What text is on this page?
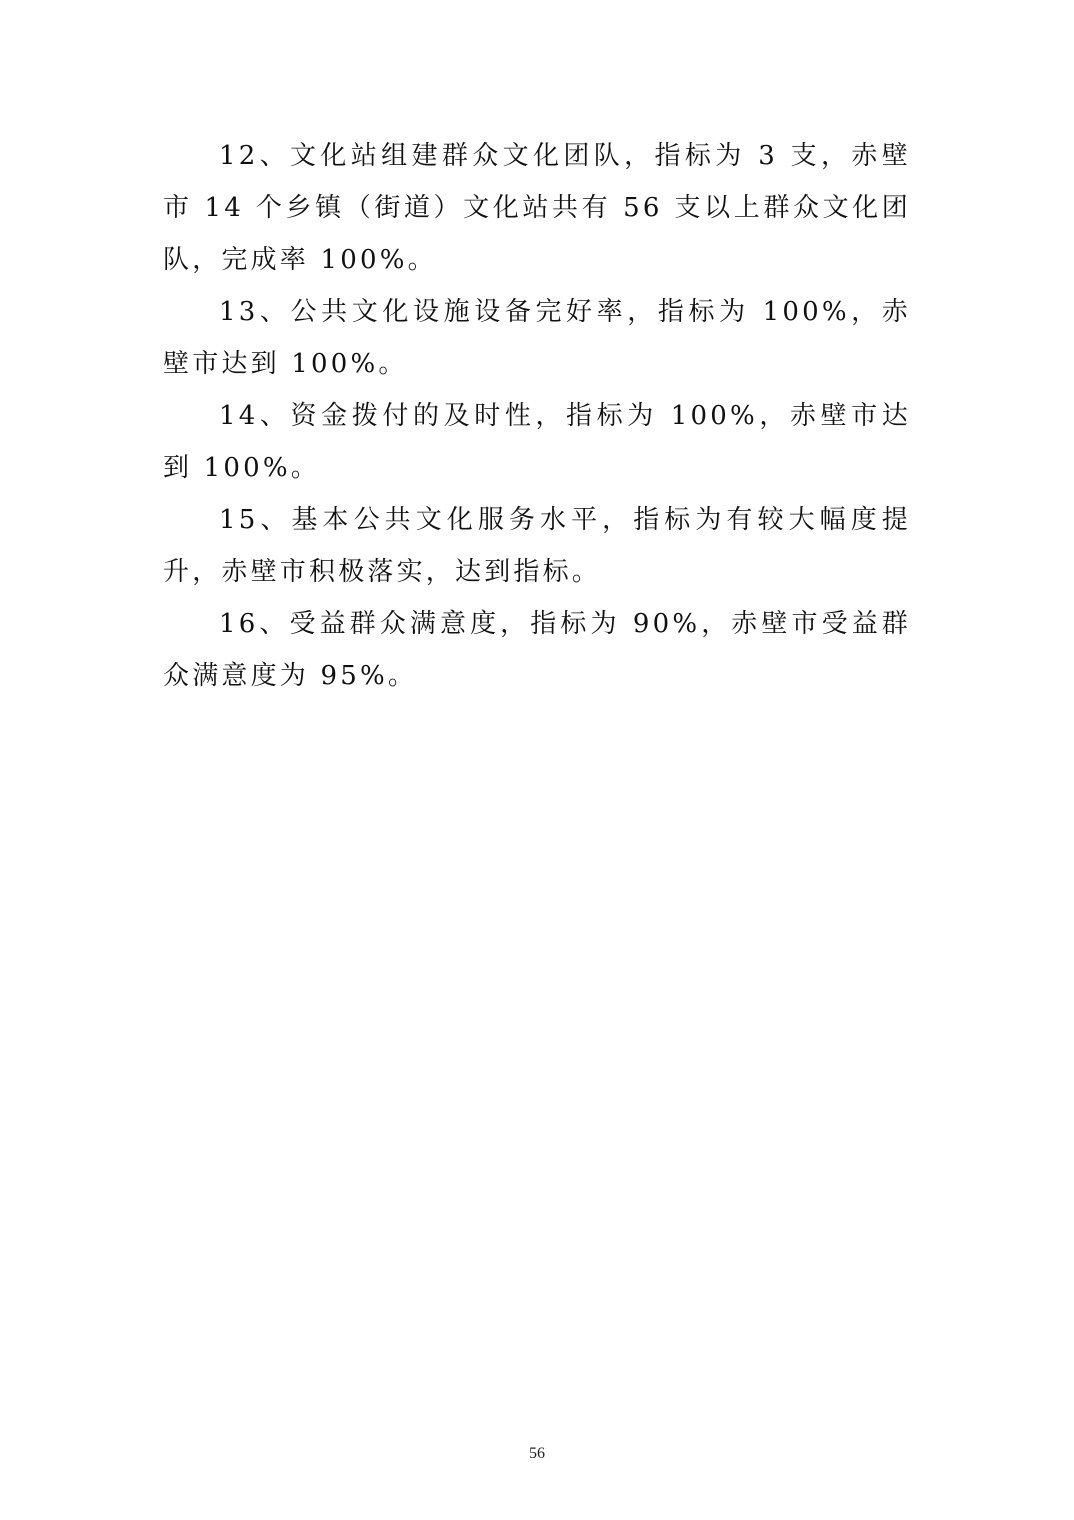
12、文化站组建群众文化团队，指标为 3 支，赤壁市 14 个乡镇（街道）文化站共有 56 支以上群众文化团队，完成率 100%。

13、公共文化设施设备完好率，指标为 100%，赤壁市达到 100%。

14、资金拨付的及时性，指标为 100%，赤壁市达到 100%。

15、基本公共文化服务水平，指标为有较大幅度提升，赤壁市积极落实，达到指标。

16、受益群众满意度，指标为 90%，赤壁市受益群众满意度为 95%。

56
